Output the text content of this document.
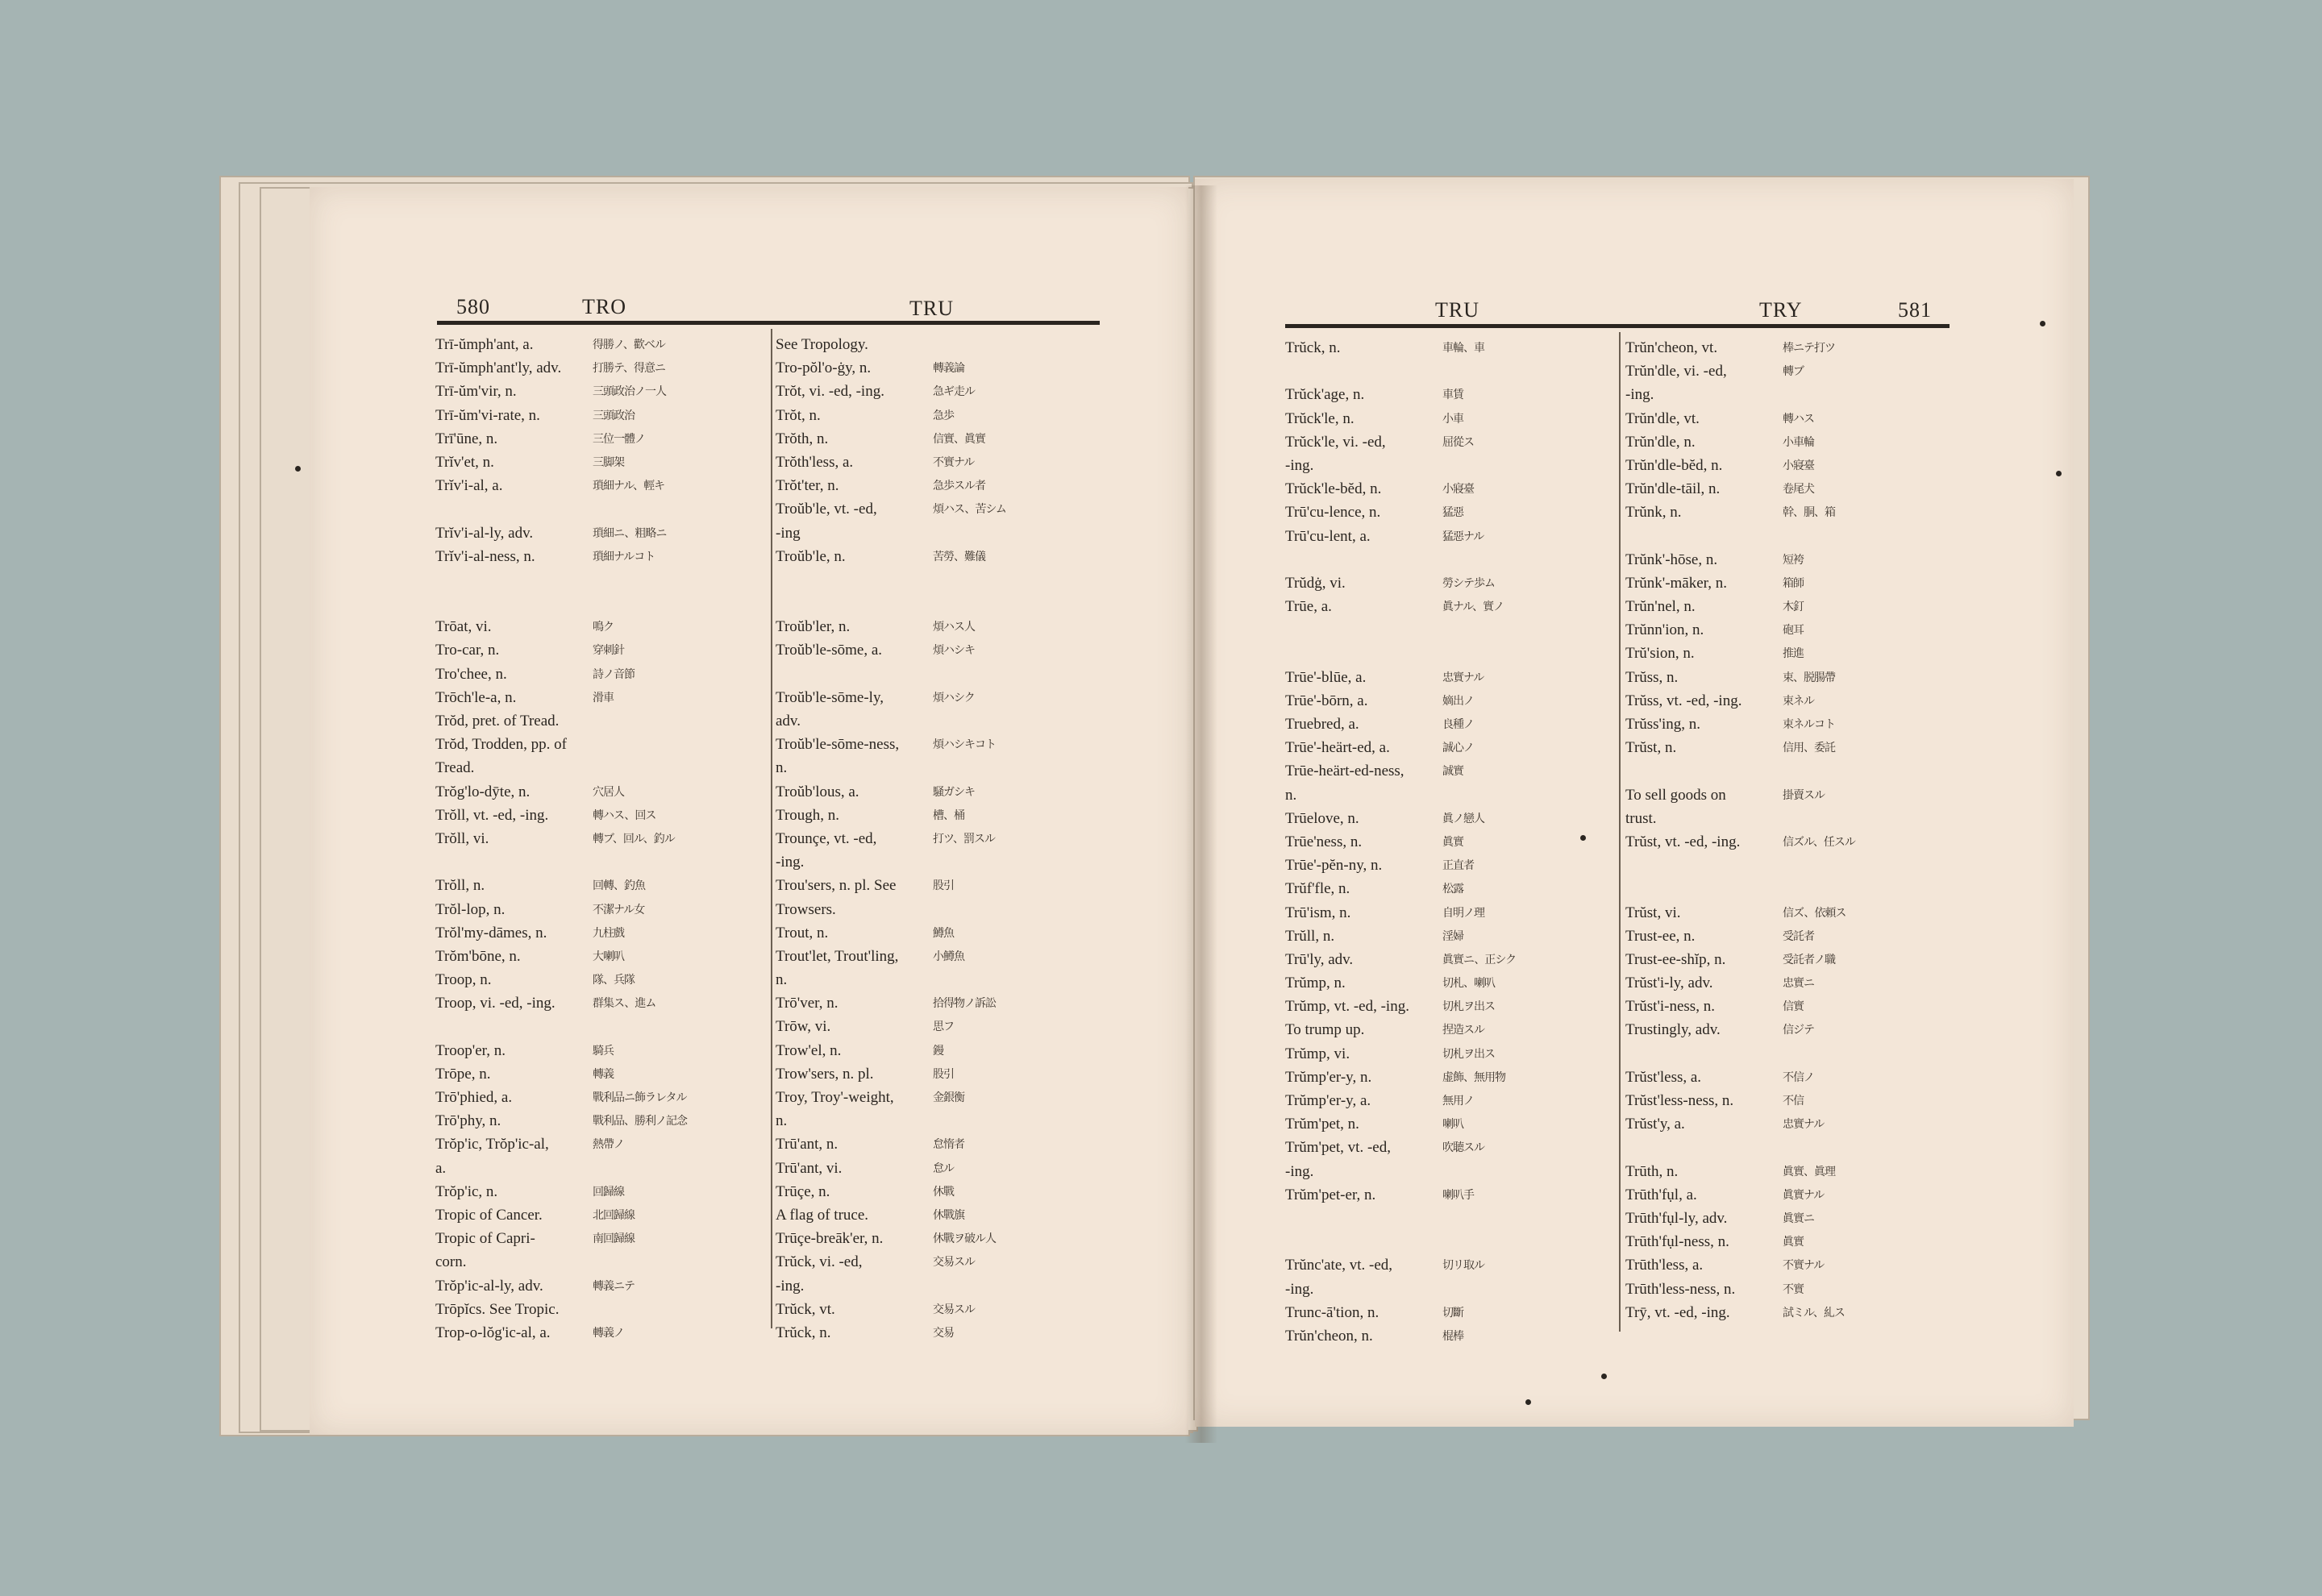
580	TRO	TRU	TRU	TRY	581
Trī-ŭmph'ant, a.	得勝ノ、歡ベル
Trī-ŭmph'ant'ly, adv.	打勝テ、得意ニ
Trī-ŭm'vir, n.	三頭政治ノ一人
Trī-ŭm'vi-rate, n.	三頭政治
Trī'ūne, n.	三位一體ノ
Trĭv'et, n.	三脚架
Trĭv'i-al, a.	瑣細ナル、輕キ
Trĭv'i-al-ly, adv.	瑣細ニ、粗略ニ
Trĭv'i-al-ness, n.	瑣細ナルコト
Trōat, vi.	鳴ク
Tro-car, n.	穿刺針
Tro'chee, n.	詩ノ音節
Trōch'le-a, n.	滑車
Trŏd, pret. of Tread.
Trŏd, Trodden, pp. of
Tread.
Trŏg'lo-dȳte, n.	穴居人
Trŏll, vt. -ed, -ing.	轉ハス、回ス
Trŏll, vi.	轉ブ、回ル、釣ル
Trŏll, n.	回轉、釣魚
Trŏl-lop, n.	不潔ナル女
Trŏl'my-dāmes, n.	九柱戲
Trŏm'bōne, n.	大喇叭
Troop, n.	隊、兵隊
Troop, vi. -ed, -ing.	群集ス、進ム
Troop'er, n.	騎兵
Trōpe, n.	轉義
Trō'phied, a.	戰利品ニ飾ラレタル
Trō'phy, n.	戰利品、勝利ノ記念
Trŏp'ic, Trŏp'ic-al,	熱帶ノ
a.
Trŏp'ic, n.	回歸線
Tropic of Cancer.	北回歸線
Tropic of Capri-	南回歸線
corn.
Trŏp'ic-al-ly, adv.	轉義ニテ
Trōpĭcs. See Tropic.
Trop-o-lŏg'ic-al, a.	轉義ノ
See Tropology.
Tro-pŏl'o-ġy, n.	轉義論
Trŏt, vi. -ed, -ing.	急ギ走ル
Trŏt, n.	急歩
Trŏth, n.	信實、眞實
Trŏth'less, a.	不實ナル
Trŏt'ter, n.	急歩スル者
Troŭb'le, vt. -ed,	煩ハス、苦シム
-ing
Troŭb'le, n.	苦勞、難儀
Troŭb'ler, n.	煩ハス人
Troŭb'le-sōme, a.	煩ハシキ
Troŭb'le-sōme-ly,	煩ハシク
adv.
Troŭb'le-sōme-ness,	煩ハシキコト
n.
Troŭb'lous, a.	騒ガシキ
Trough, n.	槽、桶
Trounçe, vt. -ed,	打ツ、罰スル
-ing.
Trou'sers, n. pl. See	股引
Trowsers.
Trout, n.	鱒魚
Trout'let, Trout'ling,	小鱒魚
n.
Trō'ver, n.	拾得物ノ訴訟
Trōw, vi.	思フ
Trow'el, n.	鏝
Trow'sers, n. pl.	股引
Troy, Troy'-weight,	金銀衡
n.
Trū'ant, n.	怠惰者
Trū'ant, vi.	怠ル
Trūçe, n.	休戰
A flag of truce.	休戰旗
Trūçe-breāk'er, n.	休戰ヲ破ル人
Trŭck, vi. -ed,	交易スル
-ing.
Trŭck, vt.	交易スル
Trŭck, n.	交易
Trŭck, n.	車輪、車
Trŭck'age, n.	車賃
Trŭck'le, n.	小車
Trŭck'le, vi. -ed,	屈從ス
-ing.
Trŭck'le-bĕd, n.	小寢臺
Trū'cu-lence, n.	猛惡
Trū'cu-lent, a.	猛惡ナル
Trŭdġ, vi.	勞シテ歩ム
Trūe, a.	眞ナル、實ノ
Trūe'-blūe, a.	忠實ナル
Trūe'-bōrn, a.	嫡出ノ
Truebred, a.	良種ノ
Trūe'-heärt-ed, a.	誠心ノ
Trūe-heärt-ed-ness,	誠實
n.
Trūelove, n.	眞ノ戀人
Trūe'ness, n.	眞實
Trūe'-pĕn-ny, n.	正直者
Trŭf'fle, n.	松露
Trū'ism, n.	自明ノ理
Trŭll, n.	淫婦
Trū'ly, adv.	眞實ニ、正シク
Trŭmp, n.	切札、喇叭
Trŭmp, vt. -ed, -ing.	切札ヲ出ス
To trump up.	捏造スル
Trŭmp, vi.	切札ヲ出ス
Trŭmp'er-y, n.	虚飾、無用物
Trŭmp'er-y, a.	無用ノ
Trŭm'pet, n.	喇叭
Trŭm'pet, vt. -ed,	吹聴スル
-ing.
Trŭm'pet-er, n.	喇叭手
Trŭnc'ate, vt. -ed,	切リ取ル
-ing.
Trunc-ā'tion, n.	切斷
Trŭn'cheon, n.	棍棒
Trŭn'cheon, vt.	棒ニテ打ツ
Trŭn'dle, vi. -ed,	轉ブ
-ing.
Trŭn'dle, vt.	轉ハス
Trŭn'dle, n.	小車輪
Trŭn'dle-bĕd, n.	小寢臺
Trŭn'dle-tāil, n.	卷尾犬
Trŭnk, n.	幹、胴、箱
Trŭnk'-hōse, n.	短袴
Trŭnk'-māker, n.	箱師
Trŭn'nel, n.	木釘
Trŭnn'ion, n.	砲耳
Trŭ'sion, n.	推進
Trŭss, n.	束、脱腸帶
Trŭss, vt. -ed, -ing.	束ネル
Trŭss'ing, n.	束ネルコト
Trŭst, n.	信用、委託
To sell goods on	掛賣スル
trust.
Trŭst, vt. -ed, -ing.	信ズル、任スル
Trŭst, vi.	信ズ、依頼ス
Trust-ee, n.	受託者
Trust-ee-shĭp, n.	受託者ノ職
Trŭst'i-ly, adv.	忠實ニ
Trŭst'i-ness, n.	信實
Trustingly, adv.	信ジテ
Trŭst'less, a.	不信ノ
Trŭst'less-ness, n.	不信
Trŭst'y, a.	忠實ナル
Trūth, n.	眞實、眞理
Trūth'fụl, a.	眞實ナル
Trūth'fụl-ly, adv.	眞實ニ
Trūth'fụl-ness, n.	眞實
Trūth'less, a.	不實ナル
Trūth'less-ness, n.	不實
Trȳ, vt. -ed, -ing.	試ミル、糺ス
